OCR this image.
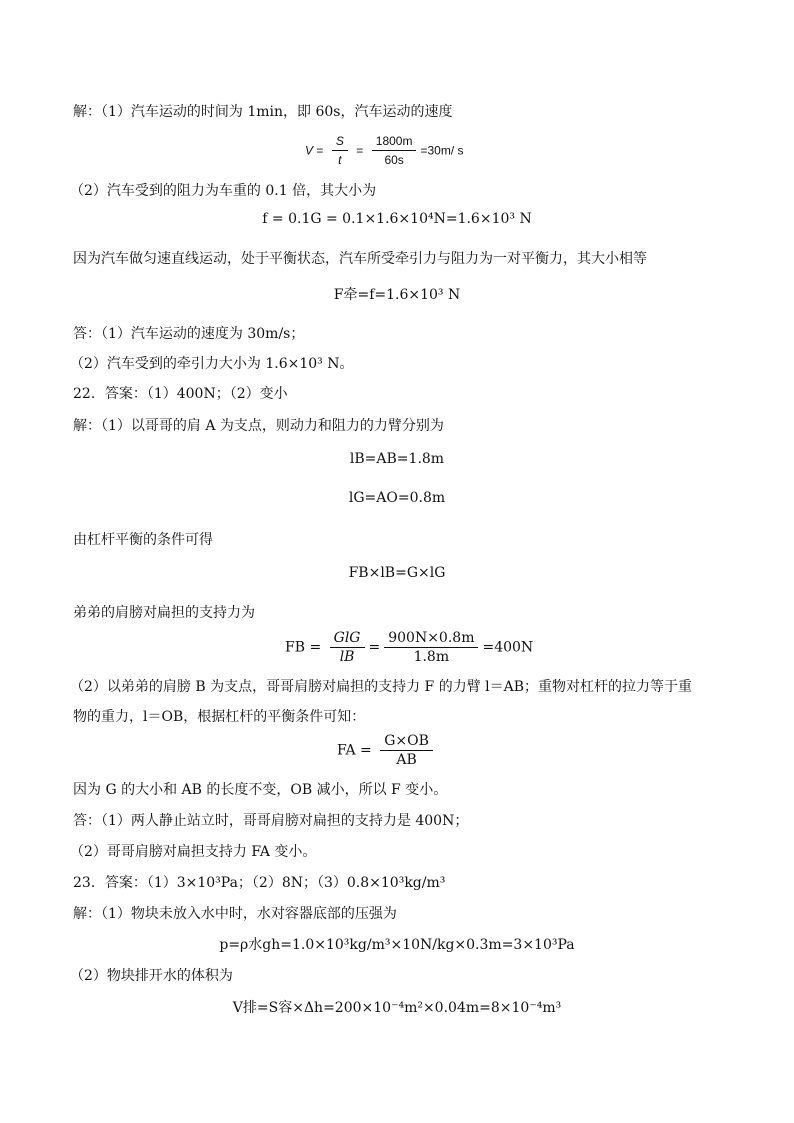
解：（1）汽车运动的时间为 1min，即 60s，汽车运动的速度
$V = \frac{S}{t} = \frac{1800m}{60s} =30m/$ s
（2）汽车受到的阻力为车重的 0.1 倍，其大小为
f = 0.1G = 0.1×1.6×10⁴N=1.6×10³ N
因为汽车做匀速直线运动，处于平衡状态，汽车所受牵引力与阻力为一对平衡力，其大小相等
F牵=f=1.6×10³ N
答：（1）汽车运动的速度为 30m/s；
（2）汽车受到的牵引力大小为 1.6×10³ N。
22．答案：（1）400N；（2）变小
解：（1）以哥哥的肩 A 为支点，则动力和阻力的力臂分别为
lB=AB=1.8m
lG=AO=0.8m
由杠杆平衡的条件可得
FB×lB=G×lG
弟弟的肩膀对扁担的支持力为
FB = $\frac{\text{GlG}}{lB} = \frac{900N\times 0.8m}{1.8m} =400N$
（2）以弟弟的肩膀 B 为支点，哥哥肩膀对扁担的支持力 F 的力臂 l＝AB；重物对杠杆的拉力等于重
物的重力，l＝OB，根据杠杆的平衡条件可知：
FA = $\frac{G\times OB}{AB}$
因为 G 的大小和 AB 的长度不变，OB 减小，所以 F 变小。
答：（1）两人静止站立时，哥哥肩膀对扁担的支持力是 400N；
（2）哥哥肩膀对扁担支持力 FA 变小。
23．答案：（1）3×10³Pa；（2）8N；（3）0.8×10³kg/m³
解：（1）物块未放入水中时，水对容器底部的压强为
p=ρ水gh=1.0×10³kg/m³×10N/kg×0.3m=3×10³Pa
（2）物块排开水的体积为
V排=S容×Δh=200×10⁻⁴m²×0.04m=8×10⁻⁴m³
